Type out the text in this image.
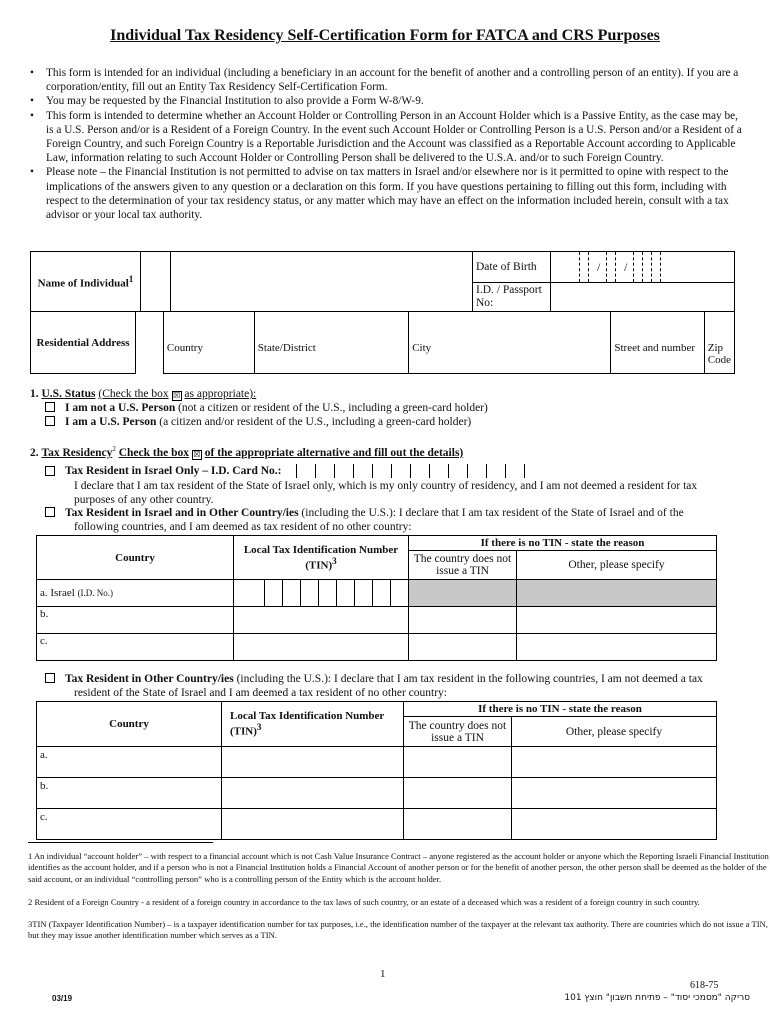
Individual Tax Residency Self-Certification Form for FATCA and CRS Purposes
• This form is intended for an individual (including a beneficiary in an account for the benefit of another and a controlling person of an entity). If you are a corporation/entity, fill out an Entity Tax Residency Self-Certification Form.
• You may be requested by the Financial Institution to also provide a Form W-8/W-9.
• This form is intended to determine whether an Account Holder or Controlling Person in an Account Holder which is a Passive Entity, as the case may be, is a U.S. Person and/or is a Resident of a Foreign Country. In the event such Account Holder or Controlling Person is a U.S. Person and/or a Resident of a Foreign Country, and such Foreign Country is a Reportable Jurisdiction and the Account was classified as a Reportable Account according to Applicable Law, information relating to such Account Holder or Controlling Person shall be delivered to the U.S.A. and/or to such Foreign Country.
• Please note – the Financial Institution is not permitted to advise on tax matters in Israel and/or elsewhere nor is it permitted to opine with respect to the implications of the answers given to any question or a declaration on this form. If you have questions pertaining to filling out this form, including with respect to the determination of your tax residency status, or any matter which may have an effect on the information included herein, consult with a tax advisor or your local tax authority.
Name of Individual$^1$			Date of Birth	/ /

			I.D. / Passport No:	
Residential Address						
		Country	State/District	City	Street and number	Zip Code
1. U.S. Status (Check the box ☒ as appropriate):
I am not a U.S. Person (not a citizen or resident of the U.S., including a green-card holder)
I am a U.S. Person (a citizen and/or resident of the U.S., including a green-card holder)
2. Tax Residency$^2$ Check the box ☒ of the appropriate alternative and fill out the details)
Tax Resident in Israel Only – I.D. Card No.:
I declare that I am tax resident of the State of Israel only, which is my only country of residency, and I am not deemed a resident for tax purposes of any other country.
Tax Resident in Israel and in Other Country/ies (including the U.S.): I declare that I am tax resident of the State of Israel and of the following countries, and I am deemed as tax resident of no other country:
Country	Local Tax Identification Number (TIN)$^3$	If there is no TIN - state the reason	
		The country does not issue a TIN	Other, please specify
a. Israel (I.D. No.)	

b.			
c.			
Tax Resident in Other Country/ies (including the U.S.): I declare that I am tax resident in the following countries, I am not deemed a tax resident of the State of Israel and I am deemed a tax resident of no other country:
Country	Local Tax Identification Number (TIN)$^3$	If there is no TIN - state the reason	
		The country does not issue a TIN	Other, please specify
a.			
b.			
c.			
1 An individual “account holder” – with respect to a financial account which is not Cash Value Insurance Contract – anyone registered as the account holder or anyone which the Reporting Israeli Financial Institution identifies as the account holder, and if a person who is not a Financial Institution holds a Financial Account of another person or for the benefit of another person, the other person shall be deemed as the holder of the said account, or an individual “controlling person” who is a controlling person of the Entity which is the account holder.
2 Resident of a Foreign Country - a resident of a foreign country in accordance to the tax laws of such country, or an estate of a deceased which was a resident of a foreign country in such country.
3TIN (Taxpayer Identification Number) – is a taxpayer identification number for tax purposes, i.e., the identification number of the taxpayer at the relevant tax authority. There are countries which do not issue a TIN, but they may issue another identification number which serves as a TIN.
1
618-75
03/19	סריקה "מסמכי יסוד" – פתיחת חשבון" חוצץ 101
